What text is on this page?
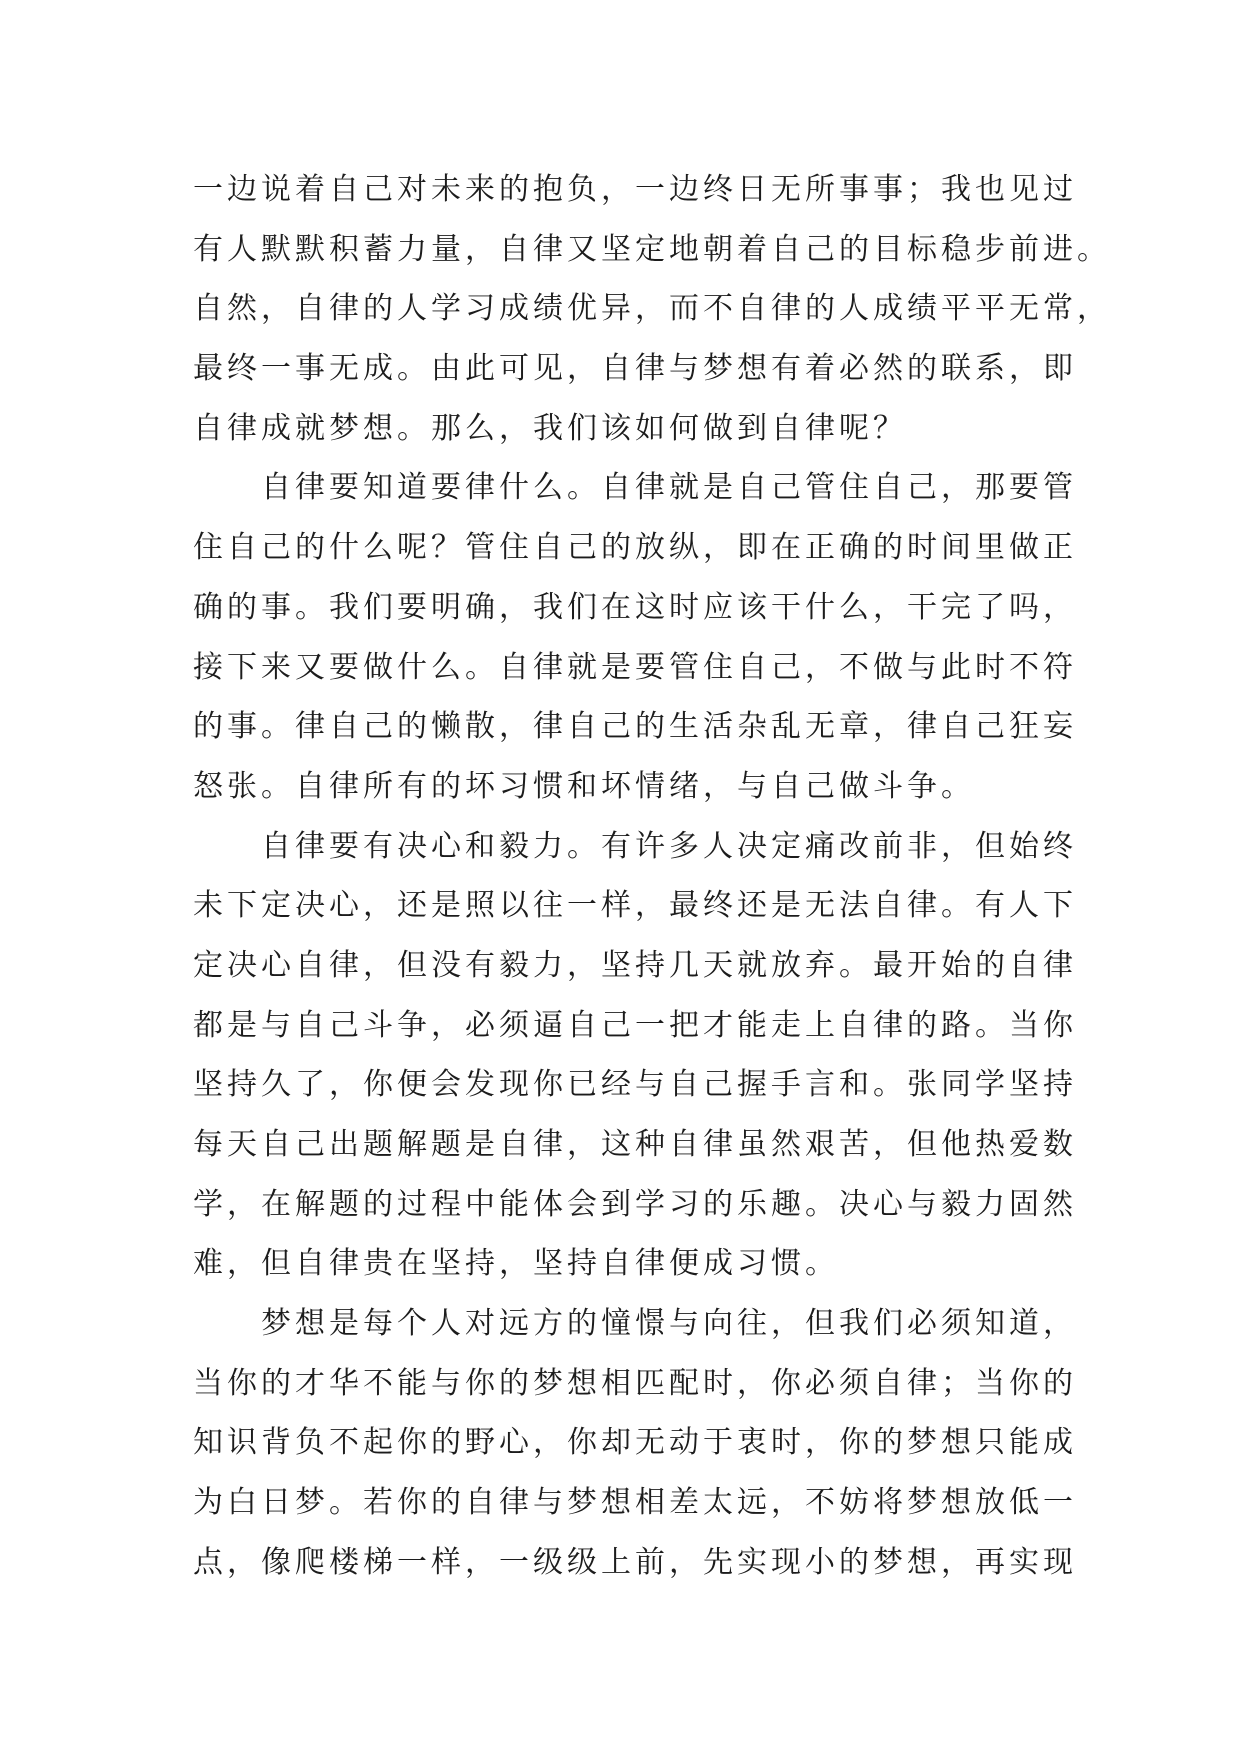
一边说着自己对未来的抱负，一边终日无所事事；我也见过
有人默默积蓄力量，自律又坚定地朝着自己的目标稳步前进。
自然，自律的人学习成绩优异，而不自律的人成绩平平无常，
最终一事无成。由此可见，自律与梦想有着必然的联系，即
自律成就梦想。那么，我们该如何做到自律呢？
自律要知道要律什么。自律就是自己管住自己，那要管
住自己的什么呢？管住自己的放纵，即在正确的时间里做正
确的事。我们要明确，我们在这时应该干什么，干完了吗，
接下来又要做什么。自律就是要管住自己，不做与此时不符
的事。律自己的懒散，律自己的生活杂乱无章，律自己狂妄
怒张。自律所有的坏习惯和坏情绪，与自己做斗争。
自律要有决心和毅力。有许多人决定痛改前非，但始终
未下定决心，还是照以往一样，最终还是无法自律。有人下
定决心自律，但没有毅力，坚持几天就放弃。最开始的自律
都是与自己斗争，必须逼自己一把才能走上自律的路。当你
坚持久了，你便会发现你已经与自己握手言和。张同学坚持
每天自己出题解题是自律，这种自律虽然艰苦，但他热爱数
学，在解题的过程中能体会到学习的乐趣。决心与毅力固然
难，但自律贵在坚持，坚持自律便成习惯。
梦想是每个人对远方的憧憬与向往，但我们必须知道，
当你的才华不能与你的梦想相匹配时，你必须自律；当你的
知识背负不起你的野心，你却无动于衷时，你的梦想只能成
为白日梦。若你的自律与梦想相差太远，不妨将梦想放低一
点，像爬楼梯一样，一级级上前，先实现小的梦想，再实现
